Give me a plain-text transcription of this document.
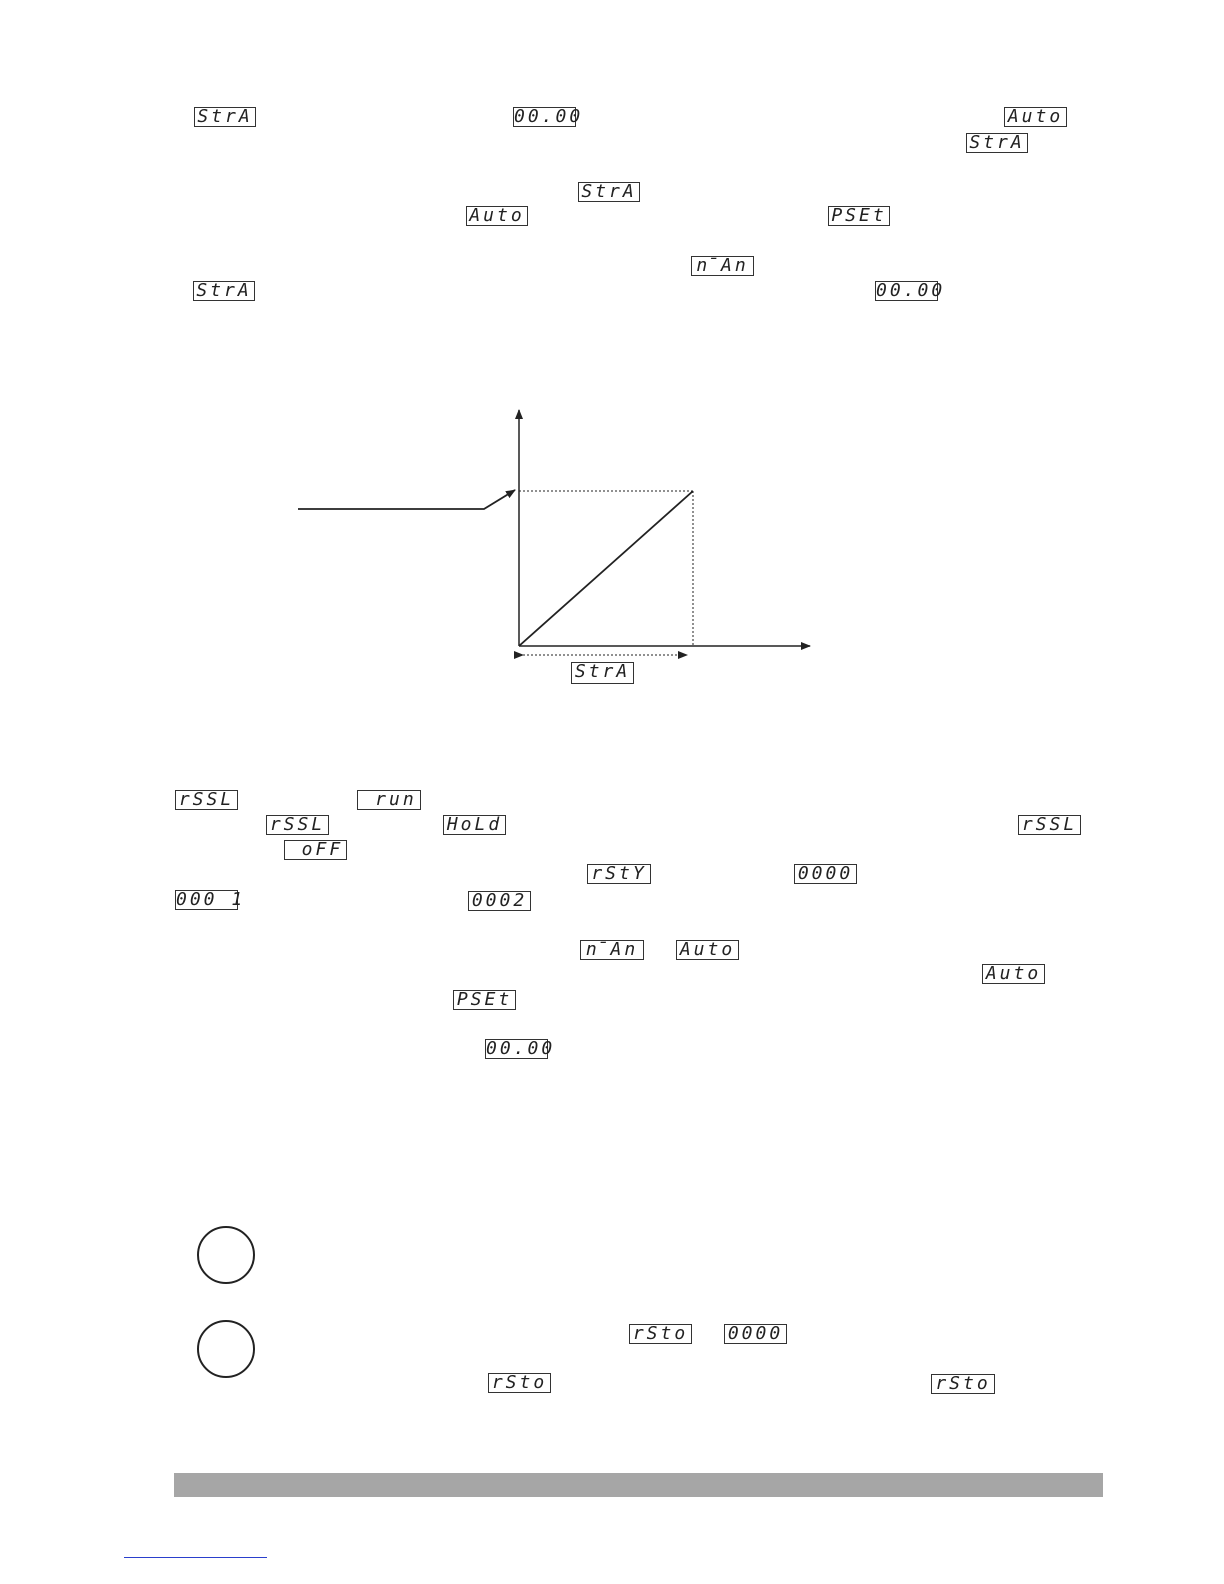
StrA	00.00	Auto
StrA
StrA
Auto	PSEt
n̄An
StrA	00.00
StrA
rSSL	run
rSSL	HoLd	rSSL
oFF
rStY	0000
000 1	0002
n̄An	Auto
Auto
PSEt
00.00
rSto 0000
rSto	rSto
